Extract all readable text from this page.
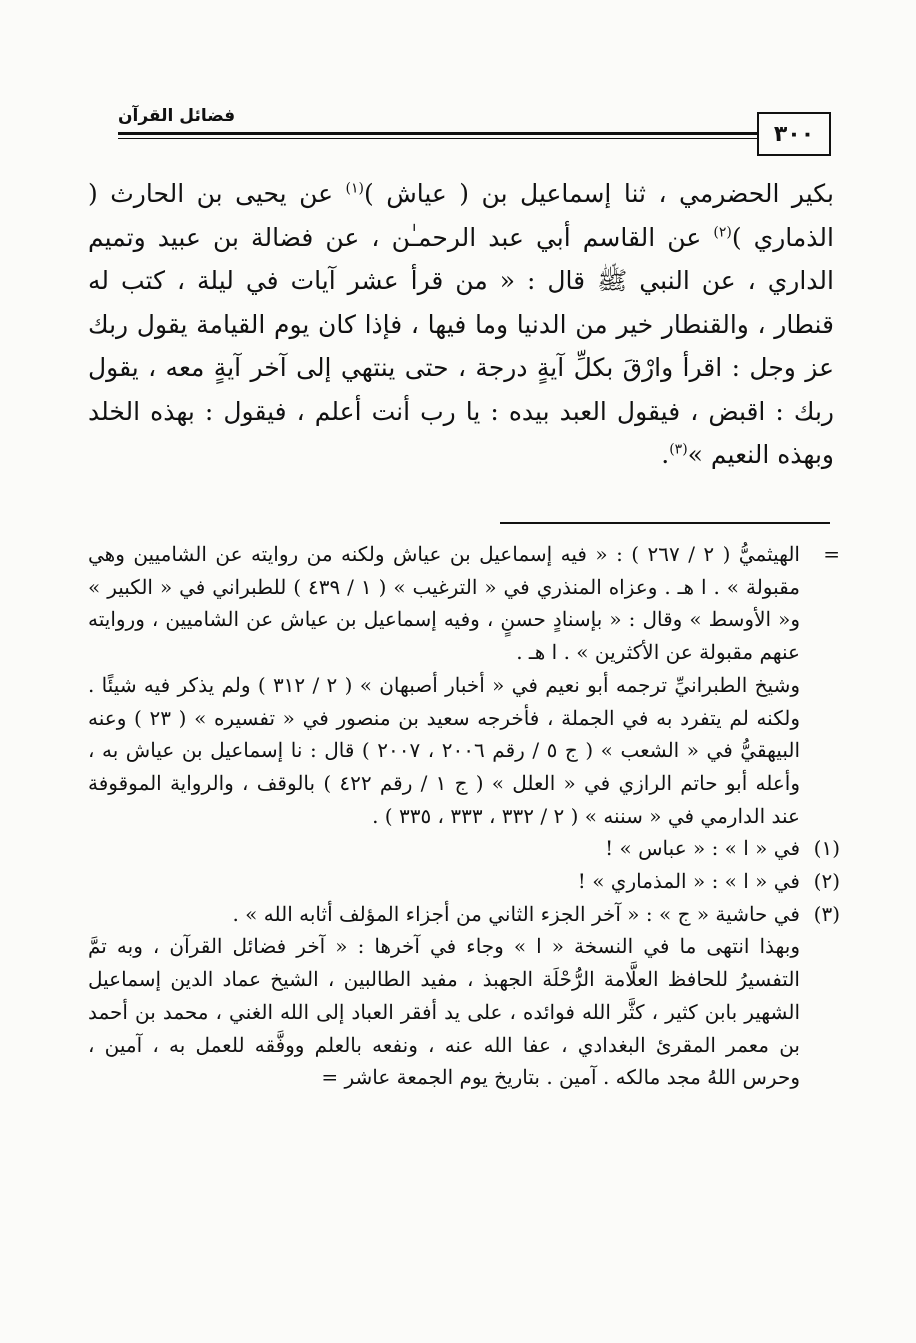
فضائل القرآن
٣٠٠

بكير الحضرمي ، ثنا إسماعيل بن ( عياش )$^{(١)}$ عن يحيى بن الحارث ( الذماري )$^{(٢)}$ عن القاسم أبي عبد الرحمـٰن ، عن فضالة بن عبيد وتميم الداري ، عن النبي ﷺ قال : « من قرأ عشر آيات في ليلة ، كتب له قنطار ، والقنطار خير من الدنيا وما فيها ، فإذا كان يوم القيامة يقول ربك عز وجل : اقرأ وارْقَ بكلِّ آيةٍ درجة ، حتى ينتهي إلى آخر آيةٍ معه ، يقول ربك : اقبض ، فيقول العبد بيده : يا رب أنت أعلم ، فيقول : بهذه الخلد وبهذه النعيم »$^{(٣)}$.

=

الهيثميُّ ( ٢ / ٢٦٧ ) : « فيه إسماعيل بن عياش ولكنه من روايته عن الشاميين وهي مقبولة » . ا هـ . وعزاه المنذري في « الترغيب » ( ١ / ٤٣٩ ) للطبراني في « الكبير » و« الأوسط » وقال : « بإسنادٍ حسنٍ ، وفيه إسماعيل بن عياش عن الشاميين ، وروايته عنهم مقبولة عن الأكثرين » . ا هـ .

وشيخ الطبرانيِّ ترجمه أبو نعيم في « أخبار أصبهان » ( ٢ / ٣١٢ ) ولم يذكر فيه شيئًا . ولكنه لم يتفرد به في الجملة ، فأخرجه سعيد بن منصور في « تفسيره » ( ٢٣ ) وعنه البيهقيُّ في « الشعب » ( ج ٥ / رقم ٢٠٠٦ ، ٢٠٠٧ ) قال : نا إسماعيل بن عياش به ، وأعله أبو حاتم الرازي في « العلل » ( ج ١ / رقم ٤٢٢ ) بالوقف ، والرواية الموقوفة عند الدارمي في « سننه » ( ٢ / ٣٣٢ ، ٣٣٣ ، ٣٣٥ ) .

(١)
في « ا » : « عباس » !
(٢)
في « ا » : « المذماري » !
(٣)
في حاشية « ج » : « آخر الجزء الثاني من أجزاء المؤلف أثابه الله » .

وبهذا انتهى ما في النسخة « ا » وجاء في آخرها : « آخر فضائل القرآن ، وبه تمَّ التفسيرُ للحافظ العلَّامة الرُّحْلَة الجهبذ ، مفيد الطالبين ، الشيخ عماد الدين إسماعيل الشهير بابن كثير ، كثَّر الله فوائده ، على يد أفقر العباد إلى الله الغني ، محمد بن أحمد بن معمر المقرئ البغدادي ، عفا الله عنه ، ونفعه بالعلم ووفَّقه للعمل به ، آمين ، وحرس اللهُ مجد مالكه . آمين . بتاريخ يوم الجمعة عاشر =
